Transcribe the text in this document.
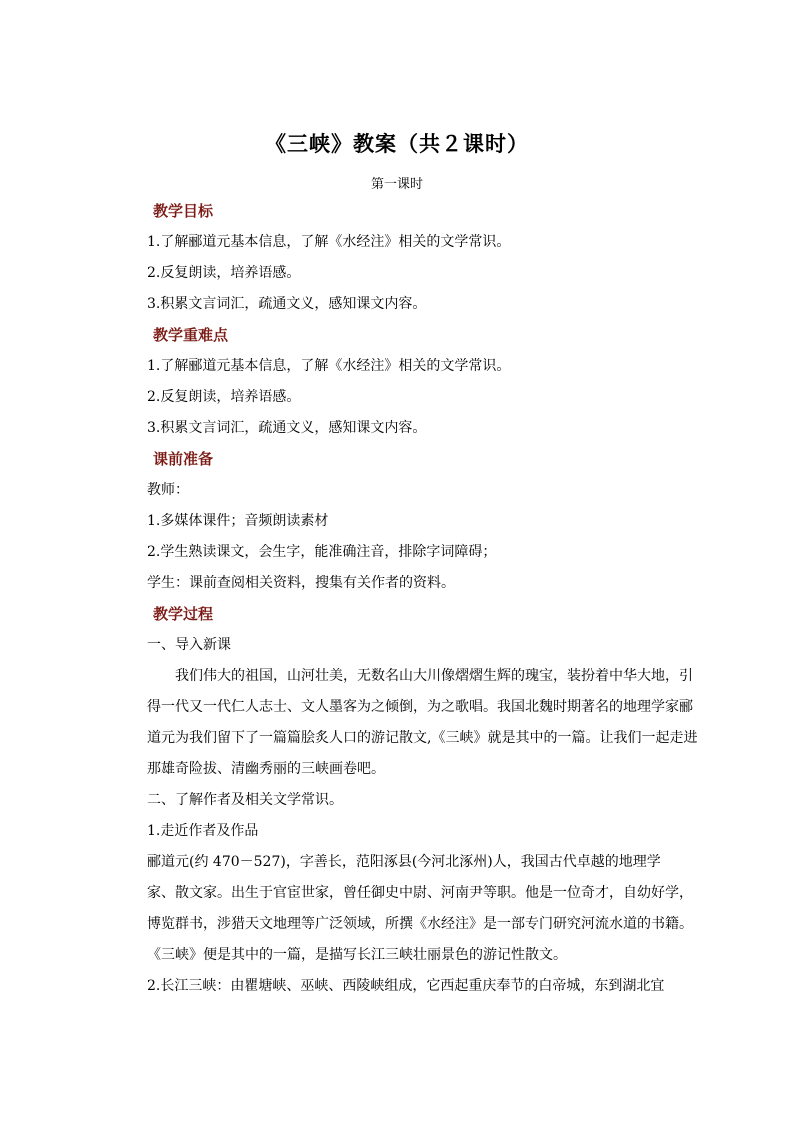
《三峡》教案（共２课时）
第一课时
教学目标
1.了解郦道元基本信息，了解《水经注》相关的文学常识。
2.反复朗读，培养语感。
3.积累文言词汇，疏通文义，感知课文内容。
教学重难点
1.了解郦道元基本信息，了解《水经注》相关的文学常识。
2.反复朗读，培养语感。
3.积累文言词汇，疏通文义，感知课文内容。
课前准备
教师：
1.多媒体课件；音频朗读素材
2.学生熟读课文，会生字，能准确注音，排除字词障碍；
学生：课前查阅相关资料，搜集有关作者的资料。
教学过程
一、导入新课
　　我们伟大的祖国，山河壮美，无数名山大川像熠熠生辉的瑰宝，装扮着中华大地，引
得一代又一代仁人志士、文人墨客为之倾倒，为之歌唱。我国北魏时期著名的地理学家郦
道元为我们留下了一篇篇脍炙人口的游记散文,《三峡》就是其中的一篇。让我们一起走进
那雄奇险拔、清幽秀丽的三峡画卷吧。
　　二、了解作者及相关文学常识。
　　1.走近作者及作品
　　郦道元(约 470－527)，字善长，范阳涿县(今河北涿州)人，我国古代卓越的地理学
家、散文家。出生于官宦世家，曾任御史中尉、河南尹等职。他是一位奇才，自幼好学，
博览群书，涉猎天文地理等广泛领域，所撰《水经注》是一部专门研究河流水道的书籍。
《三峡》便是其中的一篇，是描写长江三峡壮丽景色的游记性散文。
　　2.长江三峡：由瞿塘峡、巫峡、西陵峡组成，它西起重庆奉节的白帝城，东到湖北宜
